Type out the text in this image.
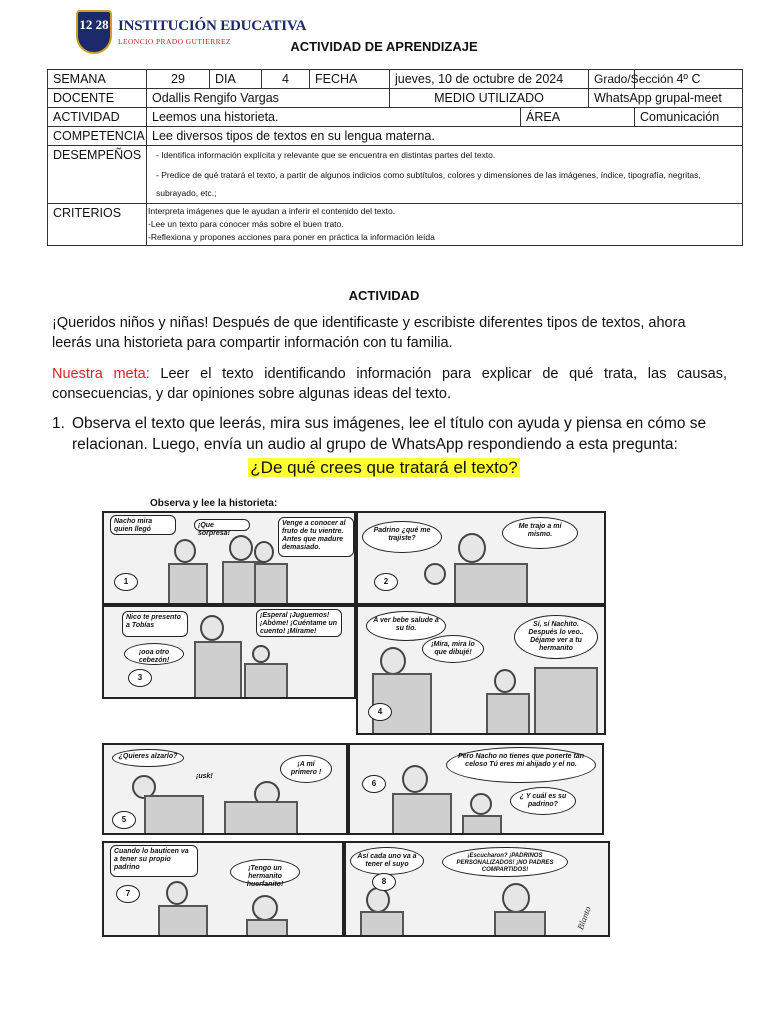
12 28 INSTITUCIÓN EDUCATIVA
LEONCIO PRADO GUTIERREZ	ACTIVIDAD DE APRENDIZAJE
SEMANA	29	DIA	4	FECHA	jueves, 10 de octubre de 2024		Grado/Sección	4º C
DOCENTE	Odallis Rengifo Vargas				MEDIO UTILIZADO		WhatsApp grupal-meet	
ACTIVIDAD	Leemos una historieta.					ÁREA		Comunicación
COMPETENCIA	Lee diversos tipos de textos en su lengua materna.							
DESEMPEÑOS	- Identifica información explícita y relevante que se encuentra en distintas partes del texto.
- Predice de qué tratará el texto, a partir de algunos indicios como subtítulos, colores y dimensiones de las imágenes, índice, tipografía, negritas, subrayado, etc.;							

CRITERIOS	Interpreta imágenes que le ayudan a inferir el contenido del texto.
-Lee un texto para conocer más sobre el buen trato.
-Reflexiona y propones acciones para poner en práctica la información leída							
ACTIVIDAD
¡Queridos niños y niñas! Después de que identificaste y escribiste diferentes tipos de textos, ahora leerás una historieta para compartir información con tu familia.
Nuestra meta: Leer el texto identificando información para explicar de qué trata, las causas, consecuencias, y dar opiniones sobre algunas ideas del texto.
1. Observa el texto que leerás, mira sus imágenes, lee el título con ayuda y piensa en cómo se relacionan. Luego, envía un audio al grupo de WhatsApp respondiendo a esta pregunta:
¿De qué crees que tratará el texto?
Observa y lee la historieta:
Nacho mira quien llegó
¡Que sorpresa!
Venge a conocer al fruto de tu vientre. Antes que madure demasiado.
1
Padrino ¿qué me trajiste?
Me trajo a mí mismo.
2
Nico te presento a Tobías
¡Esperal ¡Juguemos! ¡Abóme! ¡Cuéntame un cuento! ¡Mírame!
¡ooa otro cebezón!
3
A ver bebe salude a su tío.
¡Mira, mira lo que dibujé!
Sí, sí Nachito. Después lo veo.. Déjame ver a tu hermanito
4
¿Quieres alzarlo?
¡usk!
¡A mí primero !
5
Pero Nacho no tienes que ponerte tan celoso Tú eres mi ahijado y el no.
¿ Y cuál es su padrino?
6
Cuando lo bauticen va a tener su propio padrino	¡Tengo un hermanito huerfanito!
7
Así cada uno va a tener el suyo
¡Escucharon? ¡PADRINOS PERSONALIZADOS! ¡NO PADRES COMPARTIDOS!
8
Blanto
